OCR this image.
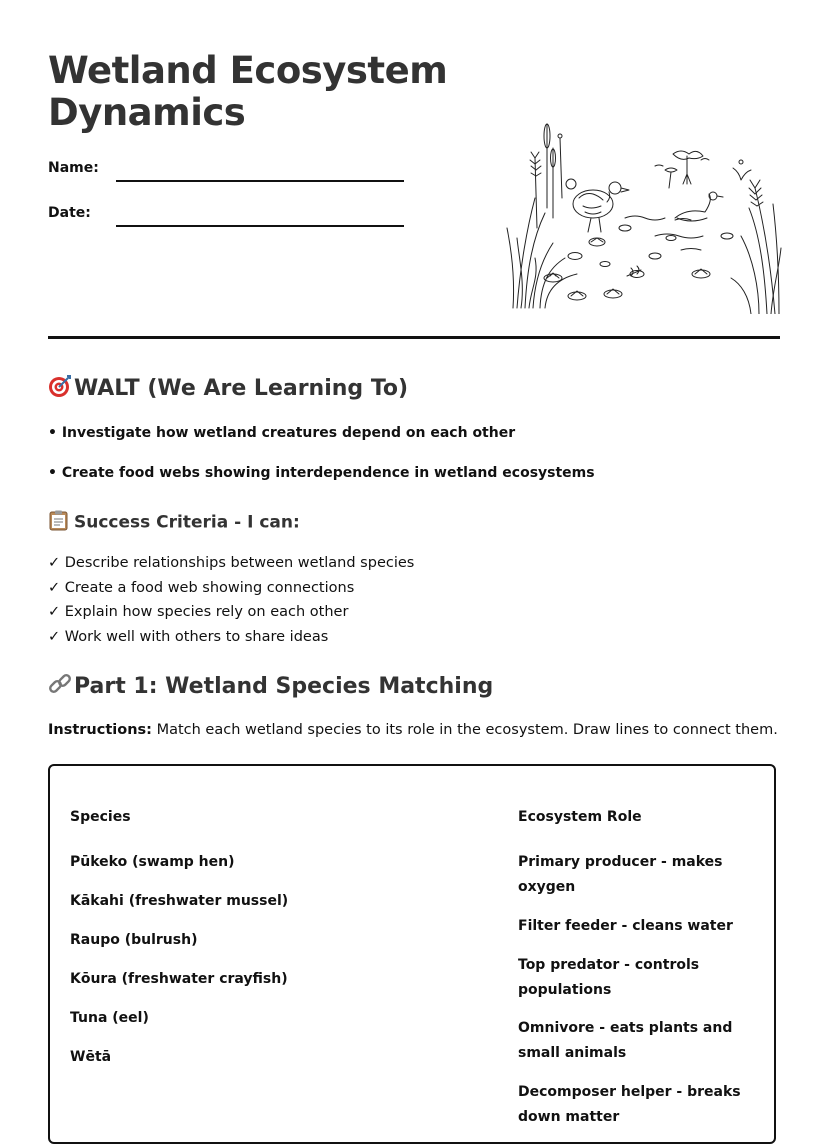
Wetland Ecosystem Dynamics
Name:
Date:
WALT (We Are Learning To)
• Investigate how wetland creatures depend on each other
• Create food webs showing interdependence in wetland ecosystems
Success Criteria - I can:
✓ Describe relationships between wetland species
✓ Create a food web showing connections
✓ Explain how species rely on each other
✓ Work well with others to share ideas
Part 1: Wetland Species Matching
Instructions: Match each wetland species to its role in the ecosystem. Draw lines to connect them.
Species
Pūkeko (swamp hen)
Kākahi (freshwater mussel)
Raupo (bulrush)
Kōura (freshwater crayfish)
Tuna (eel)
Wētā
Ecosystem Role
Primary producer - makes oxygen
Filter feeder - cleans water
Top predator - controls populations
Omnivore - eats plants and small animals
Decomposer helper - breaks down matter
